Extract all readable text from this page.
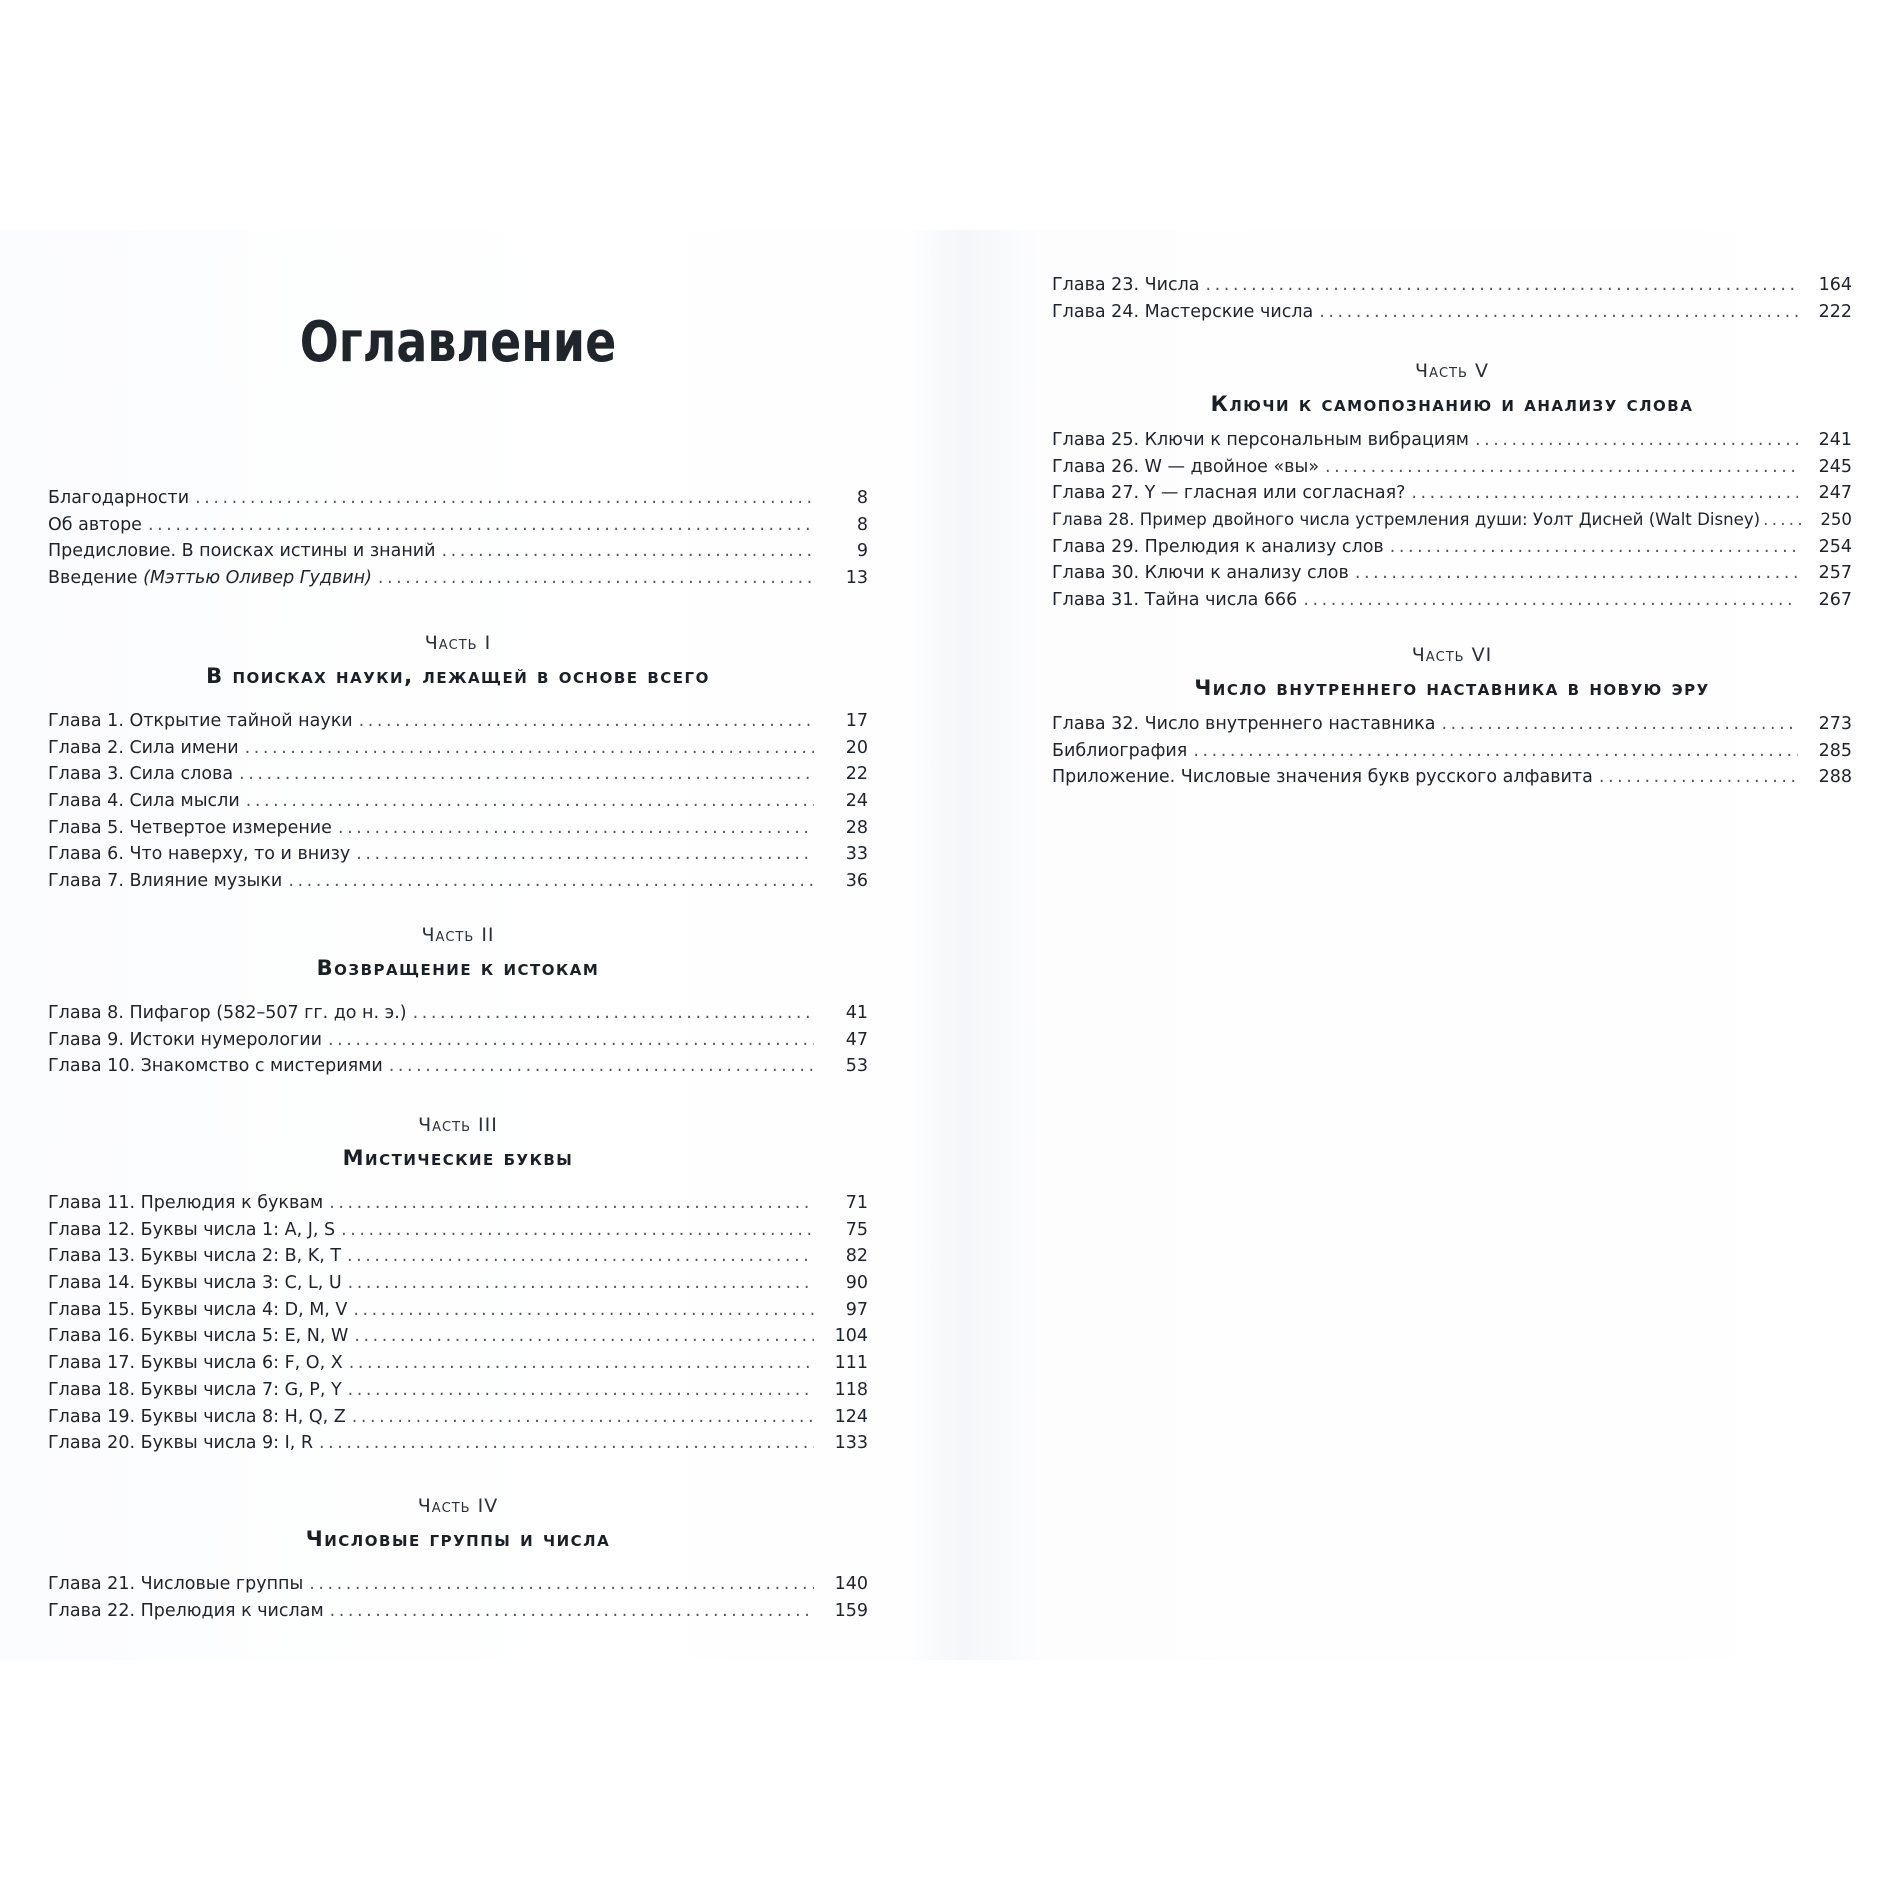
Оглавление
Благодарности . . .	8
Об авторе . . .	8
Предисловие. В поисках истины и знаний . . .	9
Введение (Мэттью Оливер Гудвин) . . .	13
Часть I
В поисках науки, лежащей в основе всего
Глава 1. Открытие тайной науки . . .	17
Глава 2. Сила имени . . .	20
Глава 3. Сила слова . . .	22
Глава 4. Сила мысли . . .	24
Глава 5. Четвертое измерение . . .	28
Глава 6. Что наверху, то и внизу . . .	33
Глава 7. Влияние музыки . . .	36
Часть II
Возвращение к истокам
Глава 8. Пифагор (582–507 гг. до н. э.) . . .	41
Глава 9. Истоки нумерологии . . .	47
Глава 10. Знакомство с мистериями . . .	53
Часть III
Мистические буквы
Глава 11. Прелюдия к буквам . . .	71
Глава 12. Буквы числа 1: A, J, S . . .	75
Глава 13. Буквы числа 2: B, K, T . . .	82
Глава 14. Буквы числа 3: C, L, U . . .	90
Глава 15. Буквы числа 4: D, M, V . . .	97
Глава 16. Буквы числа 5: E, N, W . . .	104
Глава 17. Буквы числа 6: F, O, X . . .	111
Глава 18. Буквы числа 7: G, P, Y . . .	118
Глава 19. Буквы числа 8: H, Q, Z . . .	124
Глава 20. Буквы числа 9: I, R . . .	133
Часть IV
Числовые группы и числа
Глава 21. Числовые группы . . .	140
Глава 22. Прелюдия к числам . . .	159
Глава 23. Числа . . .	164
Глава 24. Мастерские числа . . .	222
Часть V
Ключи к самопознанию и анализу слова
Глава 25. Ключи к персональным вибрациям . . .	241
Глава 26. W — двойное «вы» . . .	245
Глава 27. Y — гласная или согласная? . . .	247
Глава 28. Пример двойного числа устремления души: Уолт Дисней (Walt Disney) . . .	250
Глава 29. Прелюдия к анализу слов . . .	254
Глава 30. Ключи к анализу слов . . .	257
Глава 31. Тайна числа 666 . . .	267
Часть VI
Число внутреннего наставника в новую эру
Глава 32. Число внутреннего наставника . . .	273
Библиография . . .	285
Приложение. Числовые значения букв русского алфавита . . .	288
